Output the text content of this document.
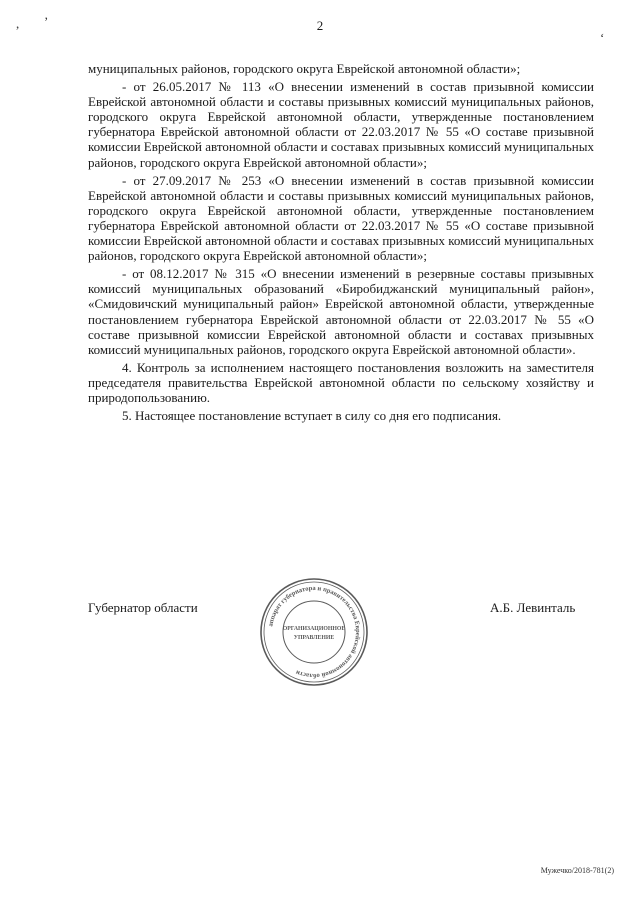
, ’
‘
2

муниципальных районов, городского округа Еврейской автономной области»;

- от 26.05.2017 № 113 «О внесении изменений в состав призывной комиссии Еврейской автономной области и составы призывных комиссий муниципальных районов, городского округа Еврейской автономной области, утвержденные постановлением губернатора Еврейской автономной области от 22.03.2017 № 55 «О составе призывной комиссии Еврейской автономной области и составах призывных комиссий муниципальных районов, городского округа Еврейской автономной области»;

- от 27.09.2017 № 253 «О внесении изменений в состав призывной комиссии Еврейской автономной области и составы призывных комиссий муниципальных районов, городского округа Еврейской автономной области, утвержденные постановлением губернатора Еврейской автономной области от 22.03.2017 № 55 «О составе призывной комиссии Еврейской автономной области и составах призывных комиссий муниципальных районов, городского округа Еврейской автономной области»;

- от 08.12.2017 № 315 «О внесении изменений в резервные составы призывных комиссий муниципальных образований «Биробиджанский муниципальный район», «Смидовичский муниципальный район» Еврейской автономной области, утвержденные постановлением губернатора Еврейской автономной области от 22.03.2017 № 55 «О составе призывной комиссии Еврейской автономной области и составах призывных комиссий муниципальных районов, городского округа Еврейской автономной области».

4. Контроль за исполнением настоящего постановления возложить на заместителя председателя правительства Еврейской автономной области по сельскому хозяйству и природопользованию.

5. Настоящее постановление вступает в силу со дня его подписания.

Губернатор области	А.Б. Левинталь
аппарат губернатора и правительства Еврейской автономной области
ОРГАНИЗАЦИОННОЕ
УПРАВЛЕНИЕ
Мужечко/2018-781(2)
